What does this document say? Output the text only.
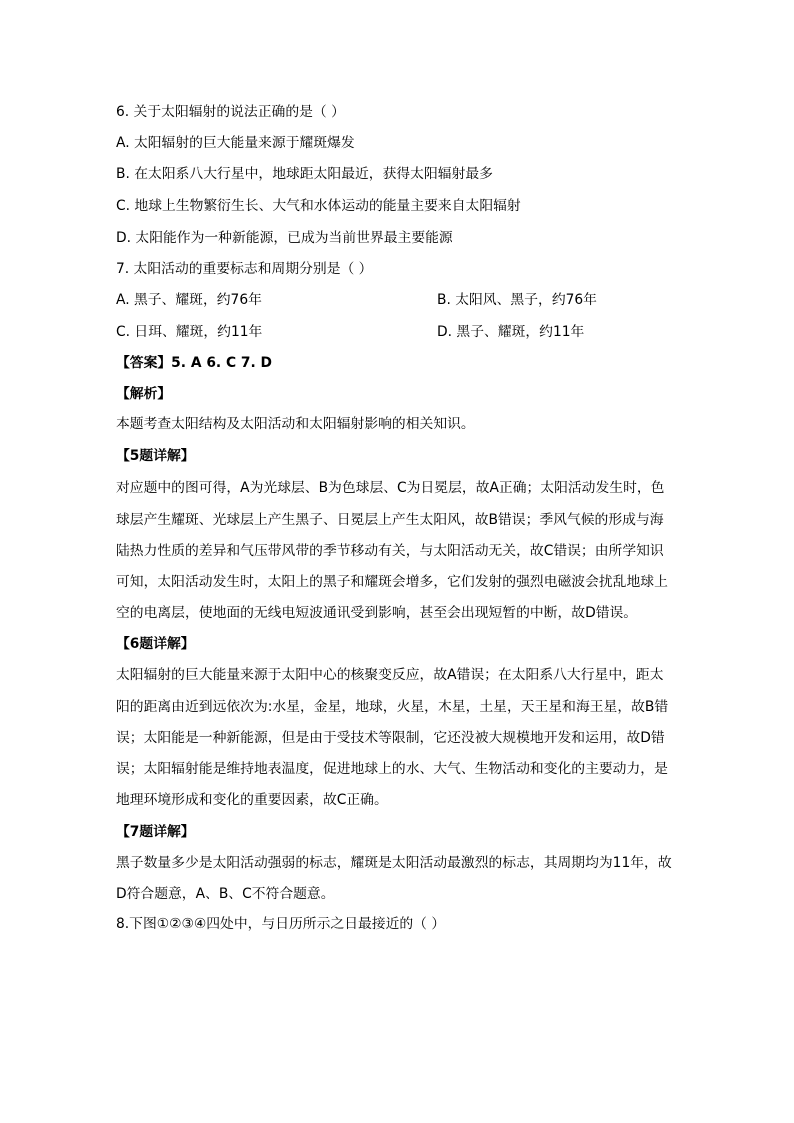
6. 关于太阳辐射的说法正确的是（ ）
A. 太阳辐射的巨大能量来源于耀斑爆发
B. 在太阳系八大行星中，地球距太阳最近，获得太阳辐射最多
C. 地球上生物繁衍生长、大气和水体运动的能量主要来自太阳辐射
D. 太阳能作为一种新能源，已成为当前世界最主要能源
7. 太阳活动的重要标志和周期分别是（ ）
A. 黑子、耀斑，约76年	B. 太阳风、黑子，约76年
C. 日珥、耀斑，约11年	D. 黑子、耀斑，约11年
【答案】5. A 6. C 7. D
【解析】
本题考查太阳结构及太阳活动和太阳辐射影响的相关知识。
【5题详解】
对应题中的图可得，A为光球层、B为色球层、C为日冕层，故A正确；太阳活动发生时，色
球层产生耀斑、光球层上产生黑子、日冕层上产生太阳风，故B错误；季风气候的形成与海
陆热力性质的差异和气压带风带的季节移动有关，与太阳活动无关，故C错误；由所学知识
可知，太阳活动发生时，太阳上的黑子和耀斑会增多，它们发射的强烈电磁波会扰乱地球上
空的电离层，使地面的无线电短波通讯受到影响，甚至会出现短暂的中断，故D错误。
【6题详解】
太阳辐射的巨大能量来源于太阳中心的核聚变反应，故A错误；在太阳系八大行星中，距太
阳的距离由近到远依次为:水星，金星，地球，火星，木星，土星，天王星和海王星，故B错
误；太阳能是一种新能源，但是由于受技术等限制，它还没被大规模地开发和运用，故D错
误；太阳辐射能是维持地表温度，促进地球上的水、大气、生物活动和变化的主要动力，是
地理环境形成和变化的重要因素，故C正确。
【7题详解】
黑子数量多少是太阳活动强弱的标志，耀斑是太阳活动最激烈的标志，其周期均为11年，故
D符合题意，A、B、C不符合题意。
8.下图①②③④四处中，与日历所示之日最接近的（ ）
